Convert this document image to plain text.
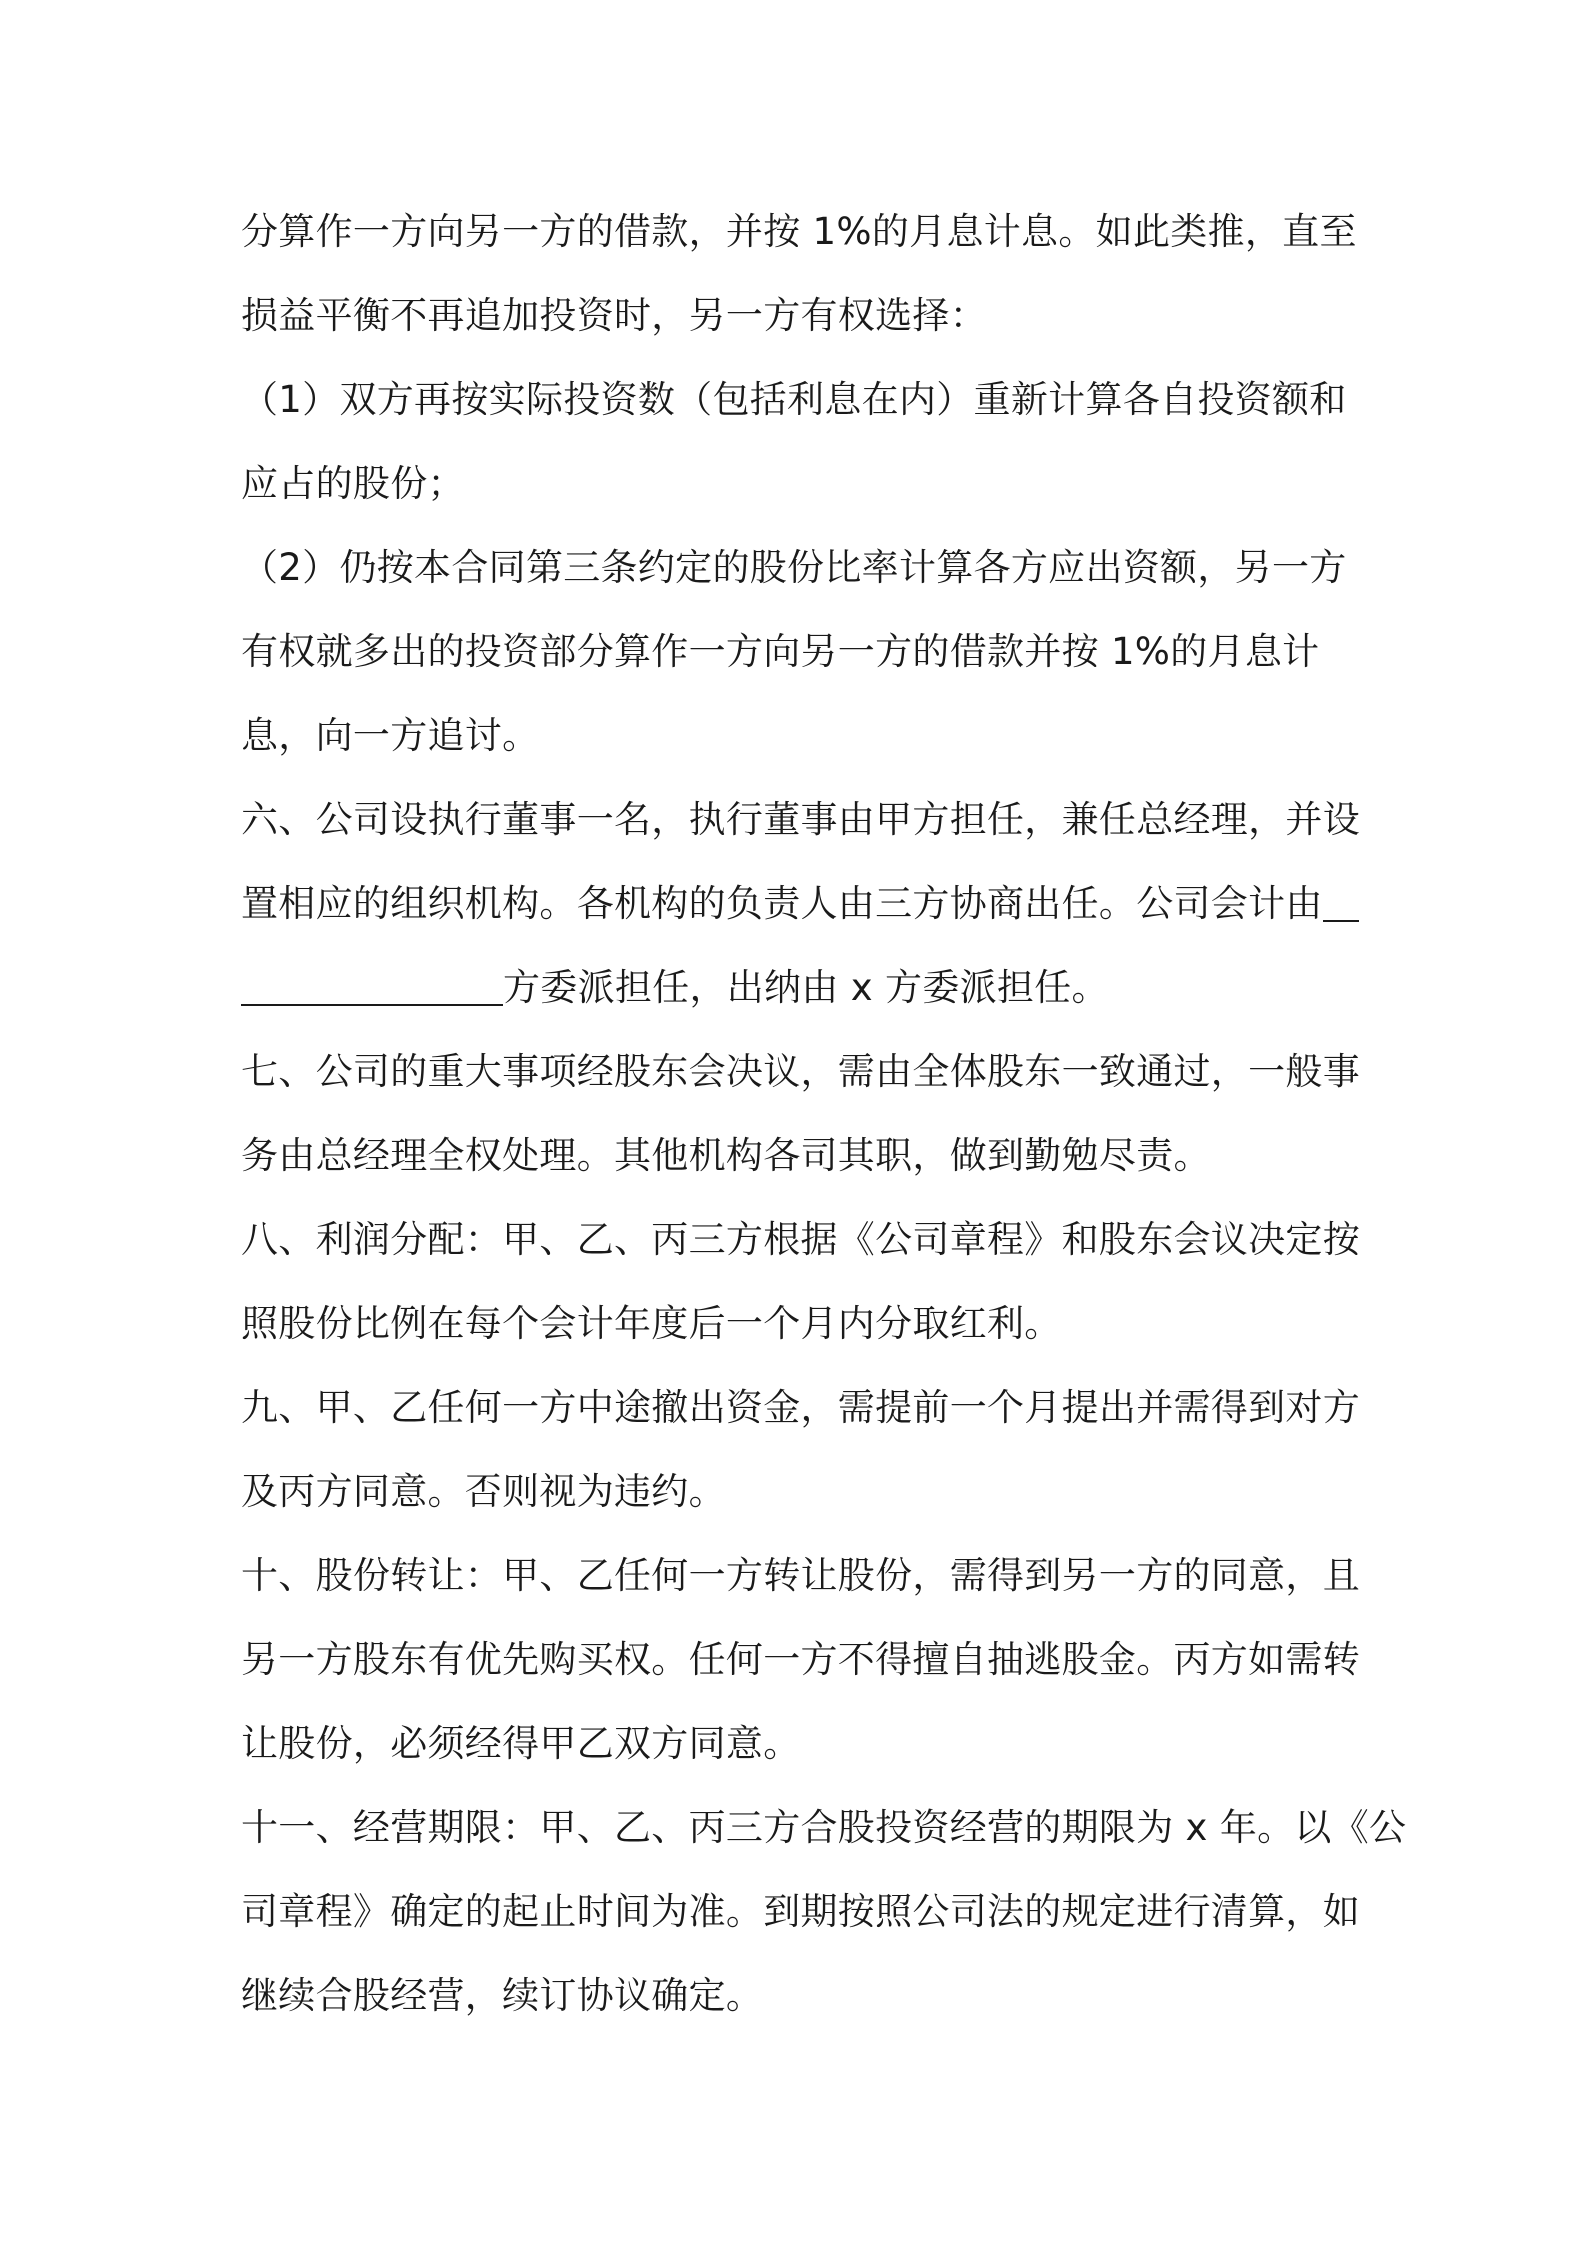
分算作一方向另一方的借款，并按 1%的月息计息。如此类推，直至
损益平衡不再追加投资时，另一方有权选择：
（1）双方再按实际投资数（包括利息在内）重新计算各自投资额和
应占的股份；
（2）仍按本合同第三条约定的股份比率计算各方应出资额，另一方
有权就多出的投资部分算作一方向另一方的借款并按 1%的月息计
息，向一方追讨。
六、公司设执行董事一名，执行董事由甲方担任，兼任总经理，并设
置相应的组织机构。各机构的负责人由三方协商出任。公司会计由
方委派担任，出纳由 x 方委派担任。
七、公司的重大事项经股东会决议，需由全体股东一致通过，一般事
务由总经理全权处理。其他机构各司其职，做到勤勉尽责。
八、利润分配：甲、乙、丙三方根据《公司章程》和股东会议决定按
照股份比例在每个会计年度后一个月内分取红利。
九、甲、乙任何一方中途撤出资金，需提前一个月提出并需得到对方
及丙方同意。否则视为违约。
十、股份转让：甲、乙任何一方转让股份，需得到另一方的同意，且
另一方股东有优先购买权。任何一方不得擅自抽逃股金。丙方如需转
让股份，必须经得甲乙双方同意。
十一、经营期限：甲、乙、丙三方合股投资经营的期限为 x 年。以《公
司章程》确定的起止时间为准。到期按照公司法的规定进行清算，如
继续合股经营，续订协议确定。
